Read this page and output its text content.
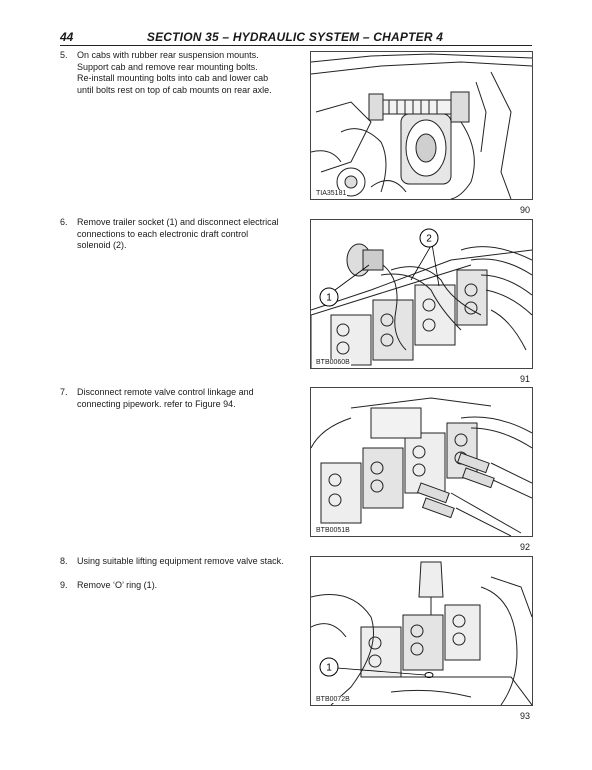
44	SECTION 35 – HYDRAULIC SYSTEM – CHAPTER 4
5. On cabs with rubber rear suspension mounts.
Support cab and remove rear mounting bolts.
Re-install mounting bolts into cab and lower cab until bolts rest on top of cab mounts on rear axle.
6. Remove trailer socket (1) and disconnect electrical connections to each electronic draft control solenoid (2).
7. Disconnect remote valve control linkage and connecting pipework. refer to Figure 94.
8. Using suitable lifting equipment remove valve stack.
9. Remove ‘O’ ring (1).
TIA35181
90
1
2
BTB0060B
91
BTB0051B
92
1
BTB0072B
93
